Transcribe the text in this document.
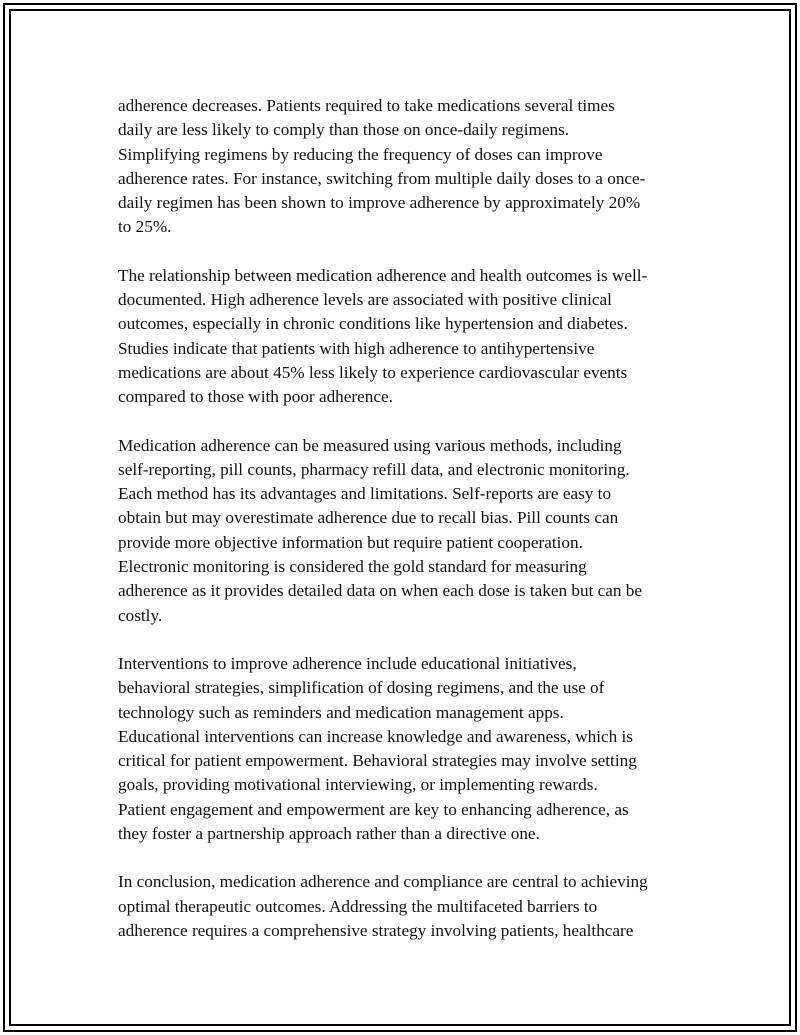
adherence decreases. Patients required to take medications several times
daily are less likely to comply than those on once-daily regimens.
Simplifying regimens by reducing the frequency of doses can improve
adherence rates. For instance, switching from multiple daily doses to a once-
daily regimen has been shown to improve adherence by approximately 20%
to 25%.

The relationship between medication adherence and health outcomes is well-
documented. High adherence levels are associated with positive clinical
outcomes, especially in chronic conditions like hypertension and diabetes.
Studies indicate that patients with high adherence to antihypertensive
medications are about 45% less likely to experience cardiovascular events
compared to those with poor adherence.

Medication adherence can be measured using various methods, including
self-reporting, pill counts, pharmacy refill data, and electronic monitoring.
Each method has its advantages and limitations. Self-reports are easy to
obtain but may overestimate adherence due to recall bias. Pill counts can
provide more objective information but require patient cooperation.
Electronic monitoring is considered the gold standard for measuring
adherence as it provides detailed data on when each dose is taken but can be
costly.

Interventions to improve adherence include educational initiatives,
behavioral strategies, simplification of dosing regimens, and the use of
technology such as reminders and medication management apps.
Educational interventions can increase knowledge and awareness, which is
critical for patient empowerment. Behavioral strategies may involve setting
goals, providing motivational interviewing, or implementing rewards.
Patient engagement and empowerment are key to enhancing adherence, as
they foster a partnership approach rather than a directive one.

In conclusion, medication adherence and compliance are central to achieving
optimal therapeutic outcomes. Addressing the multifaceted barriers to
adherence requires a comprehensive strategy involving patients, healthcare
